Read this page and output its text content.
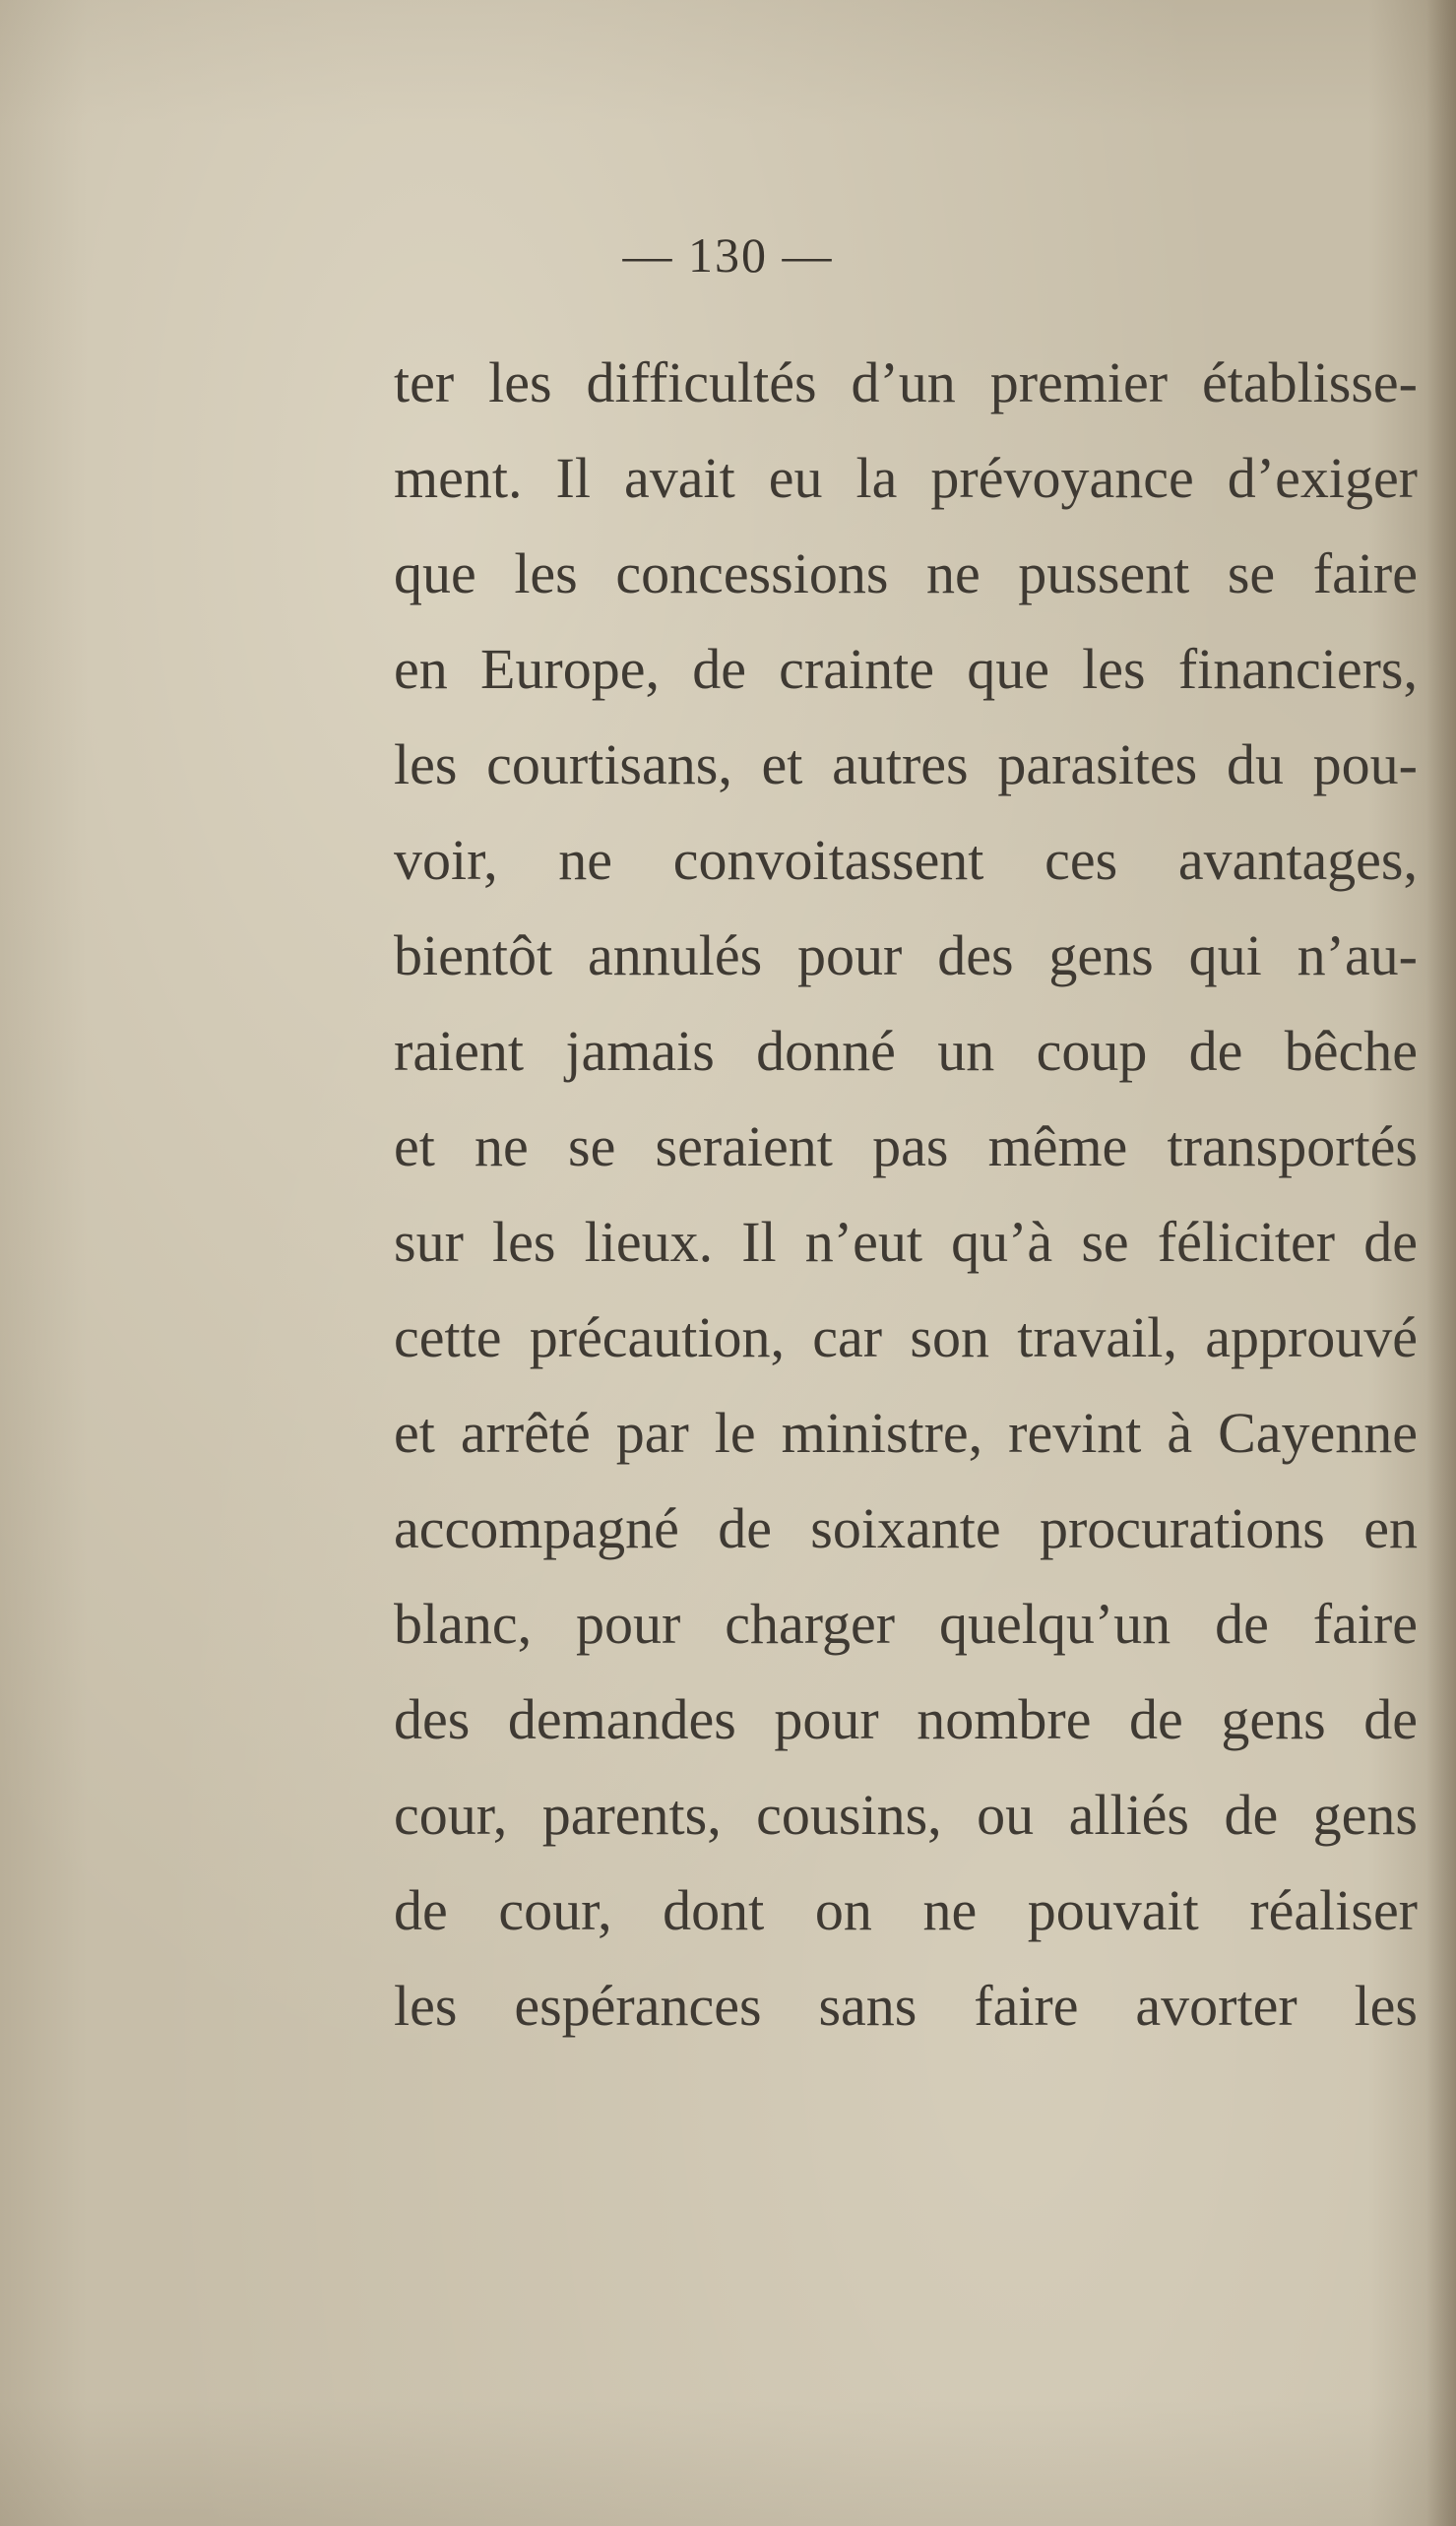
— 130 —
ter les difficultés d’un premier établisse-
ment. Il avait eu la prévoyance d’exiger
que les concessions ne pussent se faire
en Europe, de crainte que les financiers,
les courtisans, et autres parasites du pou-
voir, ne convoitassent ces avantages,
bientôt annulés pour des gens qui n’au-
raient jamais donné un coup de bêche
et ne se seraient pas même transportés
sur les lieux. Il n’eut qu’à se féliciter de
cette précaution, car son travail, approuvé
et arrêté par le ministre, revint à Cayenne
accompagné de soixante procurations en
blanc, pour charger quelqu’un de faire
des demandes pour nombre de gens de
cour, parents, cousins, ou alliés de gens
de cour, dont on ne pouvait réaliser
les espérances sans faire avorter les
